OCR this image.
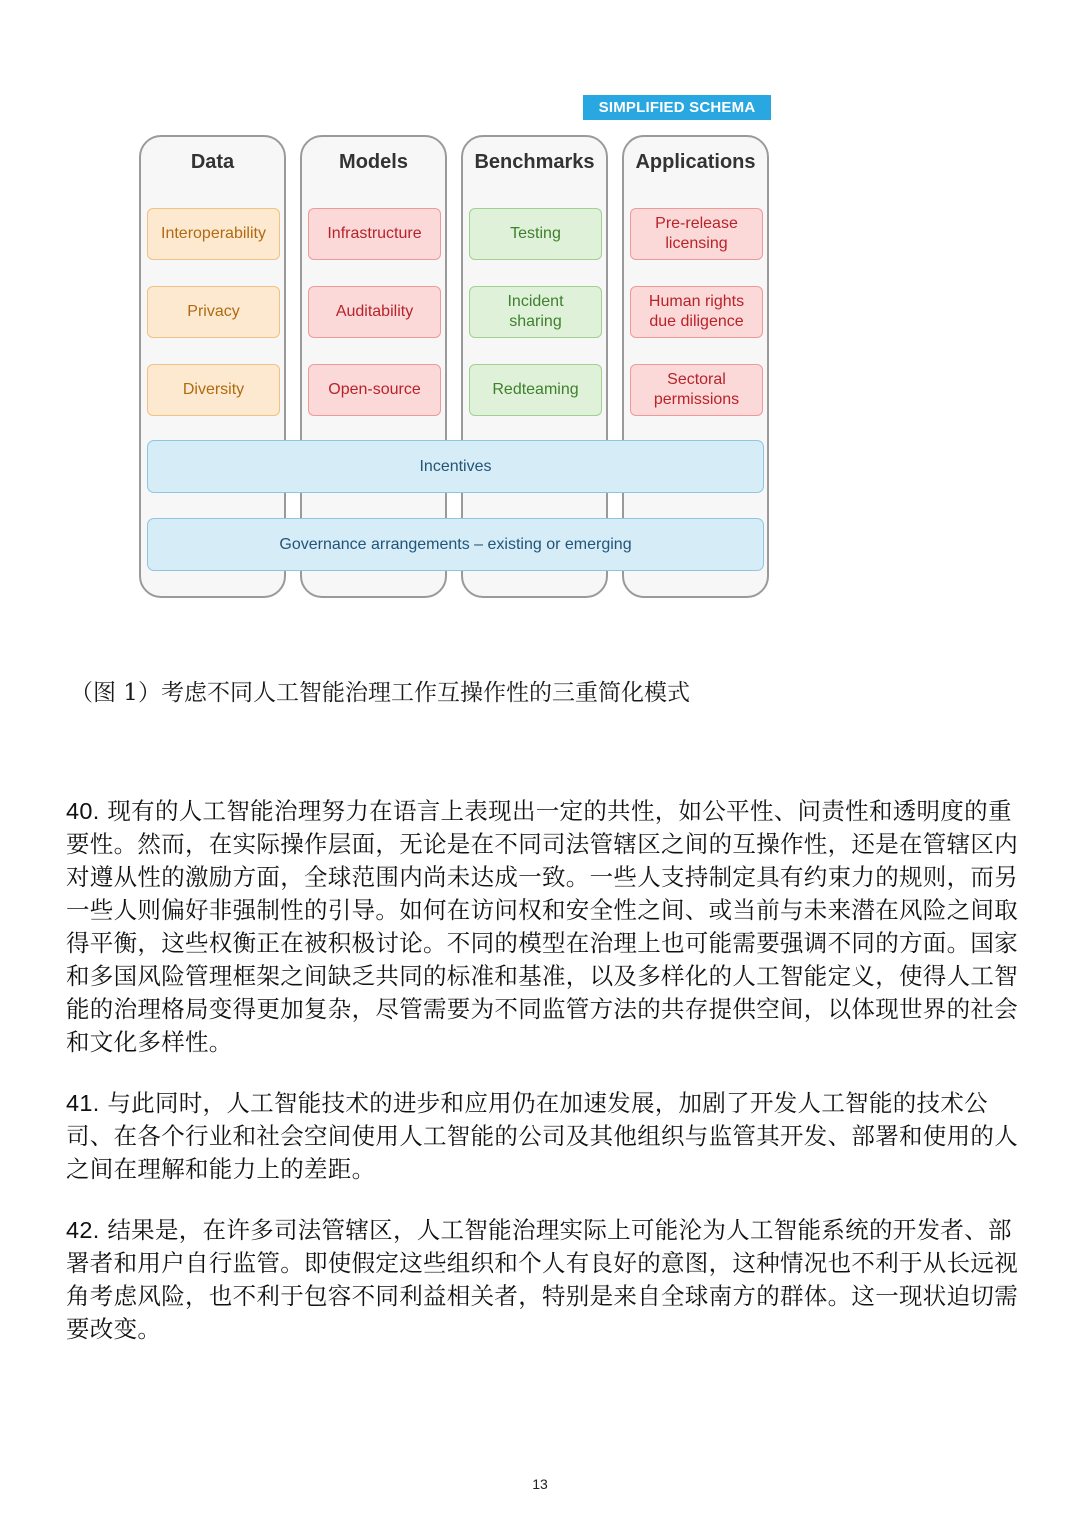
SIMPLIFIED SCHEMA
Data	Models	Benchmarks	Applications
Interoperability
Privacy
Diversity
Infrastructure
Auditability
Open-source
Testing
Incident sharing
Redteaming
Pre-release licensing
Human rights due diligence
Sectoral permissions
Incentives
Governance arrangements – existing or emerging
（图 1）考虑不同人工智能治理工作互操作性的三重简化模式

40. 现有的人工智能治理努力在语言上表现出一定的共性，如公平性、问责性和透明度的重要性。然而，在实际操作层面，无论是在不同司法管辖区之间的互操作性，还是在管辖区内对遵从性的激励方面，全球范围内尚未达成一致。一些人支持制定具有约束力的规则，而另一些人则偏好非强制性的引导。如何在访问权和安全性之间、或当前与未来潜在风险之间取得平衡，这些权衡正在被积极讨论。不同的模型在治理上也可能需要强调不同的方面。国家和多国风险管理框架之间缺乏共同的标准和基准，以及多样化的人工智能定义，使得人工智能的治理格局变得更加复杂，尽管需要为不同监管方法的共存提供空间，以体现世界的社会和文化多样性。

41. 与此同时，人工智能技术的进步和应用仍在加速发展，加剧了开发人工智能的技术公司、在各个行业和社会空间使用人工智能的公司及其他组织与监管其开发、部署和使用的人之间在理解和能力上的差距。

42. 结果是，在许多司法管辖区，人工智能治理实际上可能沦为人工智能系统的开发者、部署者和用户自行监管。即使假定这些组织和个人有良好的意图，这种情况也不利于从长远视角考虑风险，也不利于包容不同利益相关者，特别是来自全球南方的群体。这一现状迫切需要改变。

13
